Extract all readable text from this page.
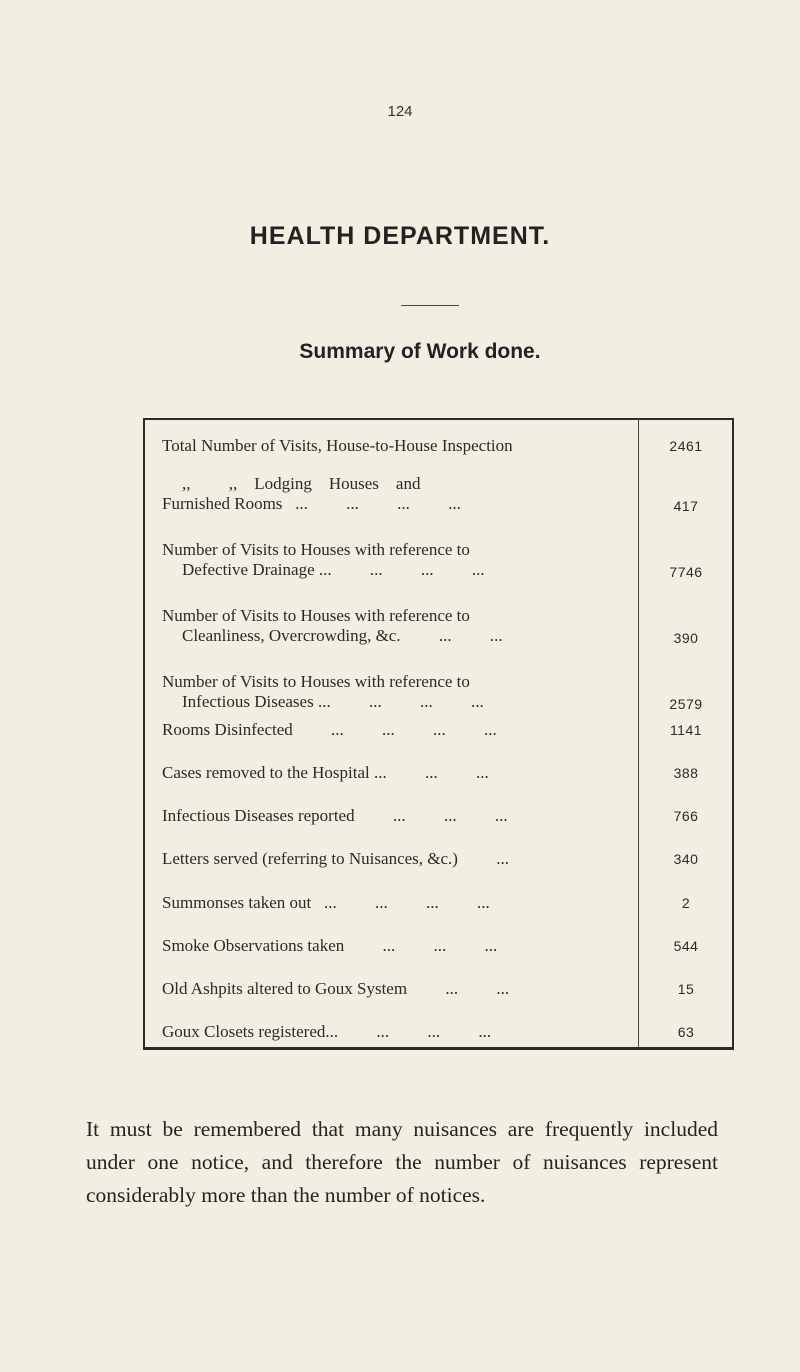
124
HEALTH DEPARTMENT.
Summary of Work done.
Total Number of Visits, House-to-House Inspection	2461
,,         ,,    Lodging    Houses    and
Furnished Rooms   ...         ...         ...         ...	417
Number of Visits to Houses with reference to
Defective Drainage ...         ...         ...         ...	7746
Number of Visits to Houses with reference to
Cleanliness, Overcrowding, &c.         ...         ...	390
Number of Visits to Houses with reference to
Infectious Diseases ...         ...         ...         ...	2579
Rooms Disinfected         ...         ...         ...         ...	1141
Cases removed to the Hospital ...         ...         ...	388
Infectious Diseases reported         ...         ...         ...	766
Letters served (referring to Nuisances, &c.)         ...	340
Summonses taken out   ...         ...         ...         ...	2
Smoke Observations taken         ...         ...         ...	544
Old Ashpits altered to Goux System         ...         ...	15
Goux Closets registered...         ...         ...         ...	63

It must be remembered that many nuisances are frequently included under one notice, and therefore the number of nuisances represent considerably more than the number of notices.
